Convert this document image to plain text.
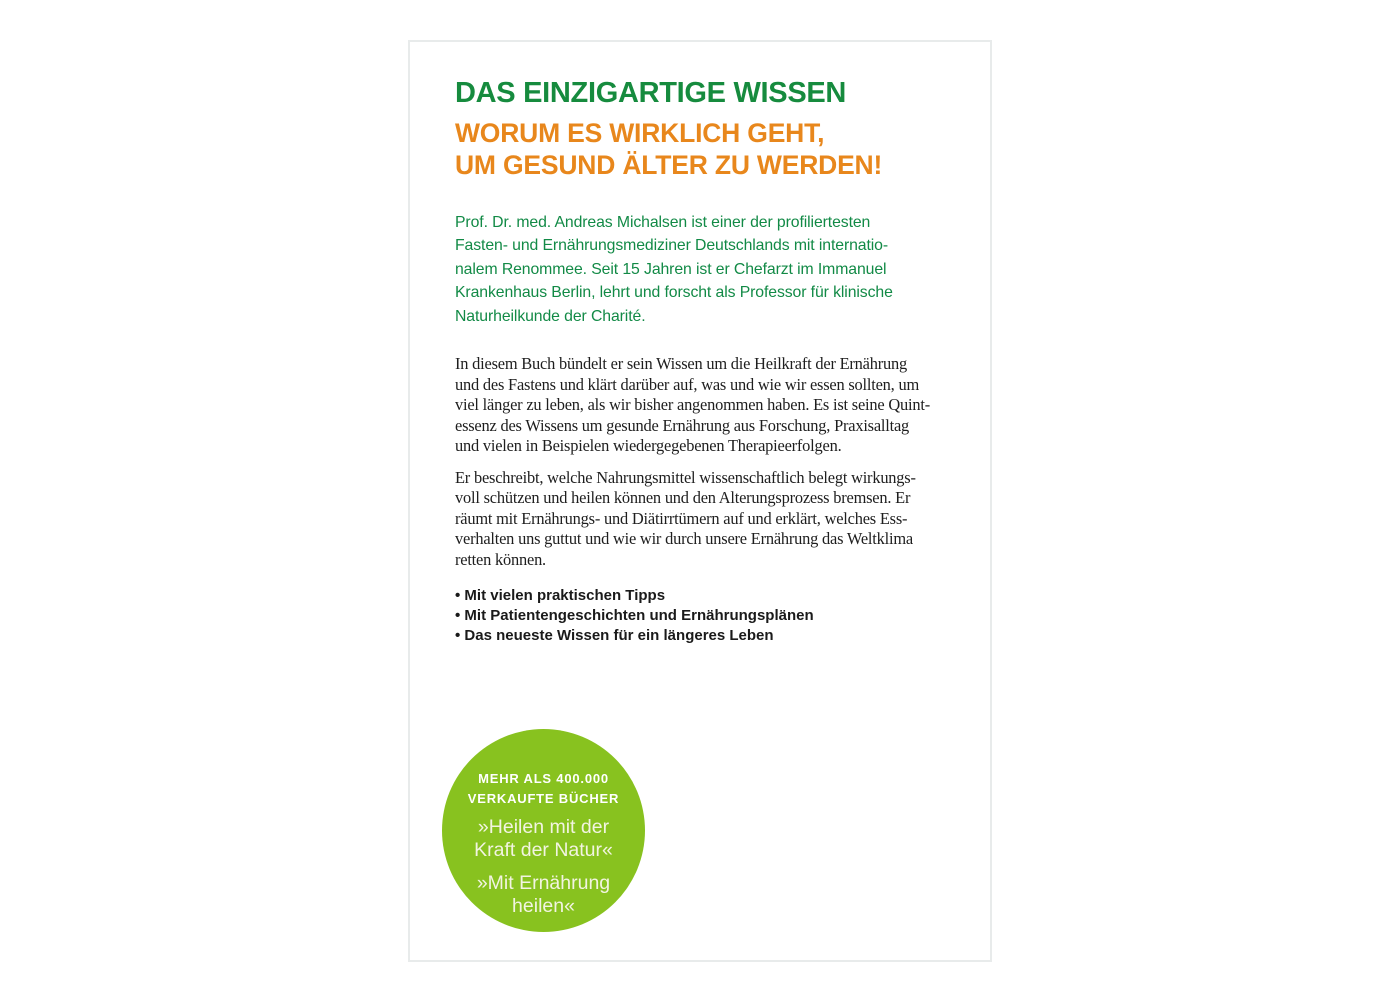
DAS EINZIGARTIGE WISSEN
WORUM ES WIRKLICH GEHT,
UM GESUND ÄLTER ZU WERDEN!
Prof. Dr. med. Andreas Michalsen ist einer der profiliertesten
Fasten- und Ernährungsmediziner Deutschlands mit internatio-
nalem Renommee. Seit 15 Jahren ist er Chefarzt im Immanuel
Krankenhaus Berlin, lehrt und forscht als Professor für klinische
Naturheilkunde der Charité.
In diesem Buch bündelt er sein Wissen um die Heilkraft der Ernährung
und des Fastens und klärt darüber auf, was und wie wir essen sollten, um
viel länger zu leben, als wir bisher angenommen haben. Es ist seine Quint-
essenz des Wissens um gesunde Ernährung aus Forschung, Praxisalltag
und vielen in Beispielen wiedergegebenen Therapieerfolgen.
Er beschreibt, welche Nahrungsmittel wissenschaftlich belegt wirkungs-
voll schützen und heilen können und den Alterungsprozess bremsen. Er
räumt mit Ernährungs- und Diätirrtümern auf und erklärt, welches Ess-
verhalten uns guttut und wie wir durch unsere Ernährung das Weltklima
retten können.
• Mit vielen praktischen Tipps
• Mit Patientengeschichten und Ernährungsplänen
• Das neueste Wissen für ein längeres Leben
MEHR ALS 400.000
VERKAUFTE BÜCHER
»Heilen mit der
Kraft der Natur«
»Mit Ernährung
heilen«
